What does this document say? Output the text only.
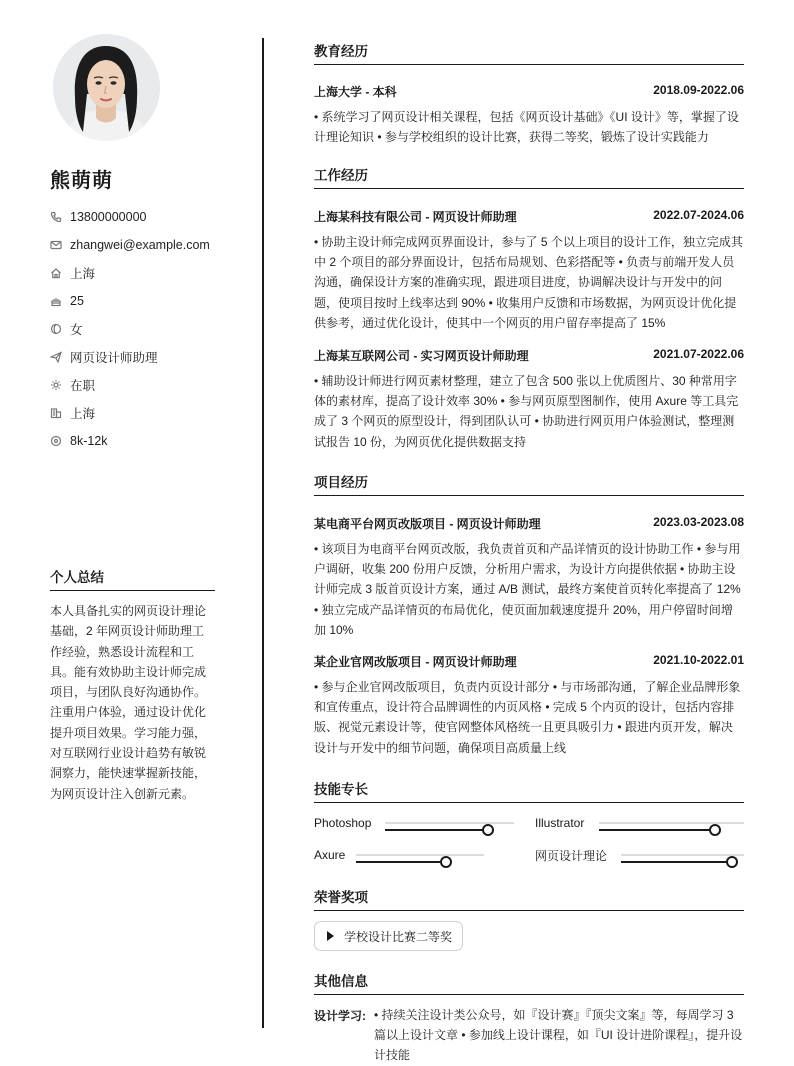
熊萌萌
13800000000
zhangwei@example.com
上海
25
女
网页设计师助理
在职
上海
8k-12k
个人总结
本人具备扎实的网页设计理论基础，2 年网页设计师助理工作经验，熟悉设计流程和工具。能有效协助主设计师完成项目，与团队良好沟通协作。注重用户体验，通过设计优化提升项目效果。学习能力强，对互联网行业设计趋势有敏锐洞察力，能快速掌握新技能，为网页设计注入创新元素。
教育经历
上海大学 - 本科	2018.09-2022.06
• 系统学习了网页设计相关课程，包括《网页设计基础》《UI 设计》等，掌握了设计理论知识 • 参与学校组织的设计比赛，获得二等奖，锻炼了设计实践能力
工作经历
上海某科技有限公司 - 网页设计师助理	2022.07-2024.06
• 协助主设计师完成网页界面设计，参与了 5 个以上项目的设计工作，独立完成其中 2 个项目的部分界面设计，包括布局规划、色彩搭配等 • 负责与前端开发人员沟通，确保设计方案的准确实现，跟进项目进度，协调解决设计与开发中的问题，使项目按时上线率达到 90% • 收集用户反馈和市场数据，为网页设计优化提供参考，通过优化设计，使其中一个网页的用户留存率提高了 15%
上海某互联网公司 - 实习网页设计师助理	2021.07-2022.06
• 辅助设计师进行网页素材整理，建立了包含 500 张以上优质图片、30 种常用字体的素材库，提高了设计效率 30% • 参与网页原型图制作，使用 Axure 等工具完成了 3 个网页的原型设计，得到团队认可 • 协助进行网页用户体验测试，整理测试报告 10 份，为网页优化提供数据支持
项目经历
某电商平台网页改版项目 - 网页设计师助理	2023.03-2023.08
• 该项目为电商平台网页改版，我负责首页和产品详情页的设计协助工作 • 参与用户调研，收集 200 份用户反馈，分析用户需求，为设计方向提供依据 • 协助主设计师完成 3 版首页设计方案，通过 A/B 测试，最终方案使首页转化率提高了 12% • 独立完成产品详情页的布局优化，使页面加载速度提升 20%，用户停留时间增加 10%
某企业官网改版项目 - 网页设计师助理	2021.10-2022.01
• 参与企业官网改版项目，负责内页设计部分 • 与市场部沟通，了解企业品牌形象和宣传重点，设计符合品牌调性的内页风格 • 完成 5 个内页的设计，包括内容排版、视觉元素设计等，使官网整体风格统一且更具吸引力 • 跟进内页开发，解决设计与开发中的细节问题，确保项目高质量上线
技能专长
Photoshop	Illustrator
Axure	网页设计理论
荣誉奖项
学校设计比赛二等奖
其他信息
设计学习: • 持续关注设计类公众号，如『设计赛』『顶尖文案』等，每周学习 3 篇以上设计文章 • 参加线上设计课程，如『UI 设计进阶课程』，提升设计技能
